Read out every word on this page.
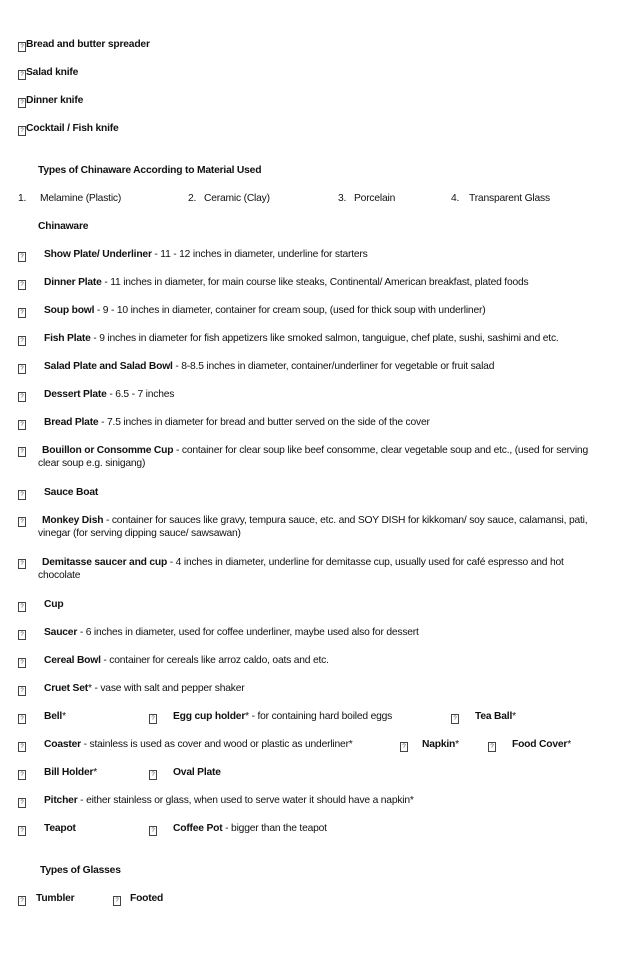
?Bread and butter spreader
?Salad knife
?Dinner knife
?Cocktail / Fish knife
Types of Chinaware According to Material Used
1. Melamine (Plastic)	2. Ceramic (Clay)	3. Porcelain	4. Transparent Glass
Chinaware
?Show Plate/ Underliner - 11 - 12 inches in diameter, underline for starters
?Dinner Plate - 11 inches in diameter, for main course like steaks, Continental/ American breakfast, plated foods
?Soup bowl - 9 - 10 inches in diameter, container for cream soup, (used for thick soup with underliner)
?Fish Plate - 9 inches in diameter for fish appetizers like smoked salmon, tanguigue, chef plate, sushi, sashimi and etc.
?Salad Plate and Salad Bowl - 8-8.5 inches in diameter, container/underliner for vegetable or fruit salad
?Dessert Plate - 6.5 - 7 inches
?Bread Plate - 7.5 inches in diameter for bread and butter served on the side of the cover
?
Bouillon or Consomme Cup - container for clear soup like beef consomme, clear vegetable soup and etc., (used for serving clear soup e.g. sinigang)
?Sauce Boat
?
Monkey Dish - container for sauces like gravy, tempura sauce, etc. and SOY DISH for kikkoman/ soy sauce, calamansi, pati, vinegar (for serving dipping sauce/ sawsawan)
?
Demitasse saucer and cup - 4 inches in diameter, underline for demitasse cup, usually used for café espresso and hot chocolate
?Cup
?Saucer - 6 inches in diameter, used for coffee underliner, maybe used also for dessert
?Cereal Bowl - container for cereals like arroz caldo, oats and etc.
?Cruet Set* - vase with salt and pepper shaker
?Bell* ?	Egg cup holder* - for containing hard boiled eggs ?	Tea Ball*
?Coaster - stainless is used as cover and wood or plastic as underliner* ?	Napkin* ?	Food Cover*
?Bill Holder* ?	Oval Plate
?Pitcher - either stainless or glass, when used to serve water it should have a napkin*
?Teapot ?	Coffee Pot - bigger than the teapot
Types of Glasses
?Tumbler ?	Footed
